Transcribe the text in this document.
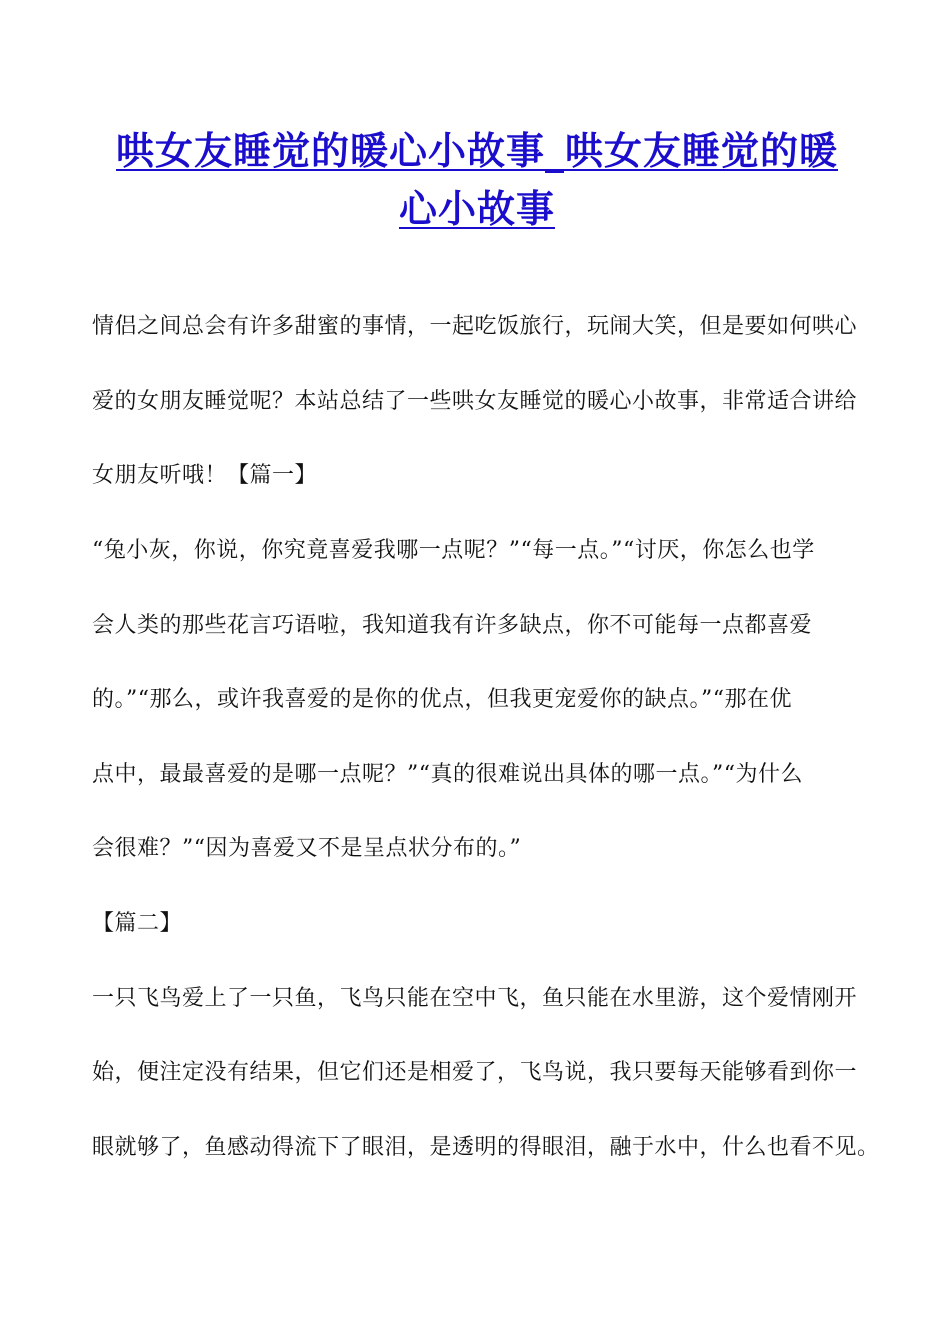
哄女友睡觉的暖心小故事_哄女友睡觉的暖
心小故事
情侣之间总会有许多甜蜜的事情，一起吃饭旅行，玩闹大笑，但是要如何哄心
爱的女朋友睡觉呢？本站总结了一些哄女友睡觉的暖心小故事，非常适合讲给
女朋友听哦！【篇一】
“兔小灰，你说，你究竟喜爱我哪一点呢？”“每一点。”“讨厌，你怎么也学
会人类的那些花言巧语啦，我知道我有许多缺点，你不可能每一点都喜爱
的。”“那么，或许我喜爱的是你的优点，但我更宠爱你的缺点。”“那在优
点中，最最喜爱的是哪一点呢？”“真的很难说出具体的哪一点。”“为什么
会很难？”“因为喜爱又不是呈点状分布的。”
【篇二】
一只飞鸟爱上了一只鱼，飞鸟只能在空中飞，鱼只能在水里游，这个爱情刚开
始，便注定没有结果，但它们还是相爱了，飞鸟说，我只要每天能够看到你一
眼就够了，鱼感动得流下了眼泪，是透明的得眼泪，融于水中，什么也看不见。
